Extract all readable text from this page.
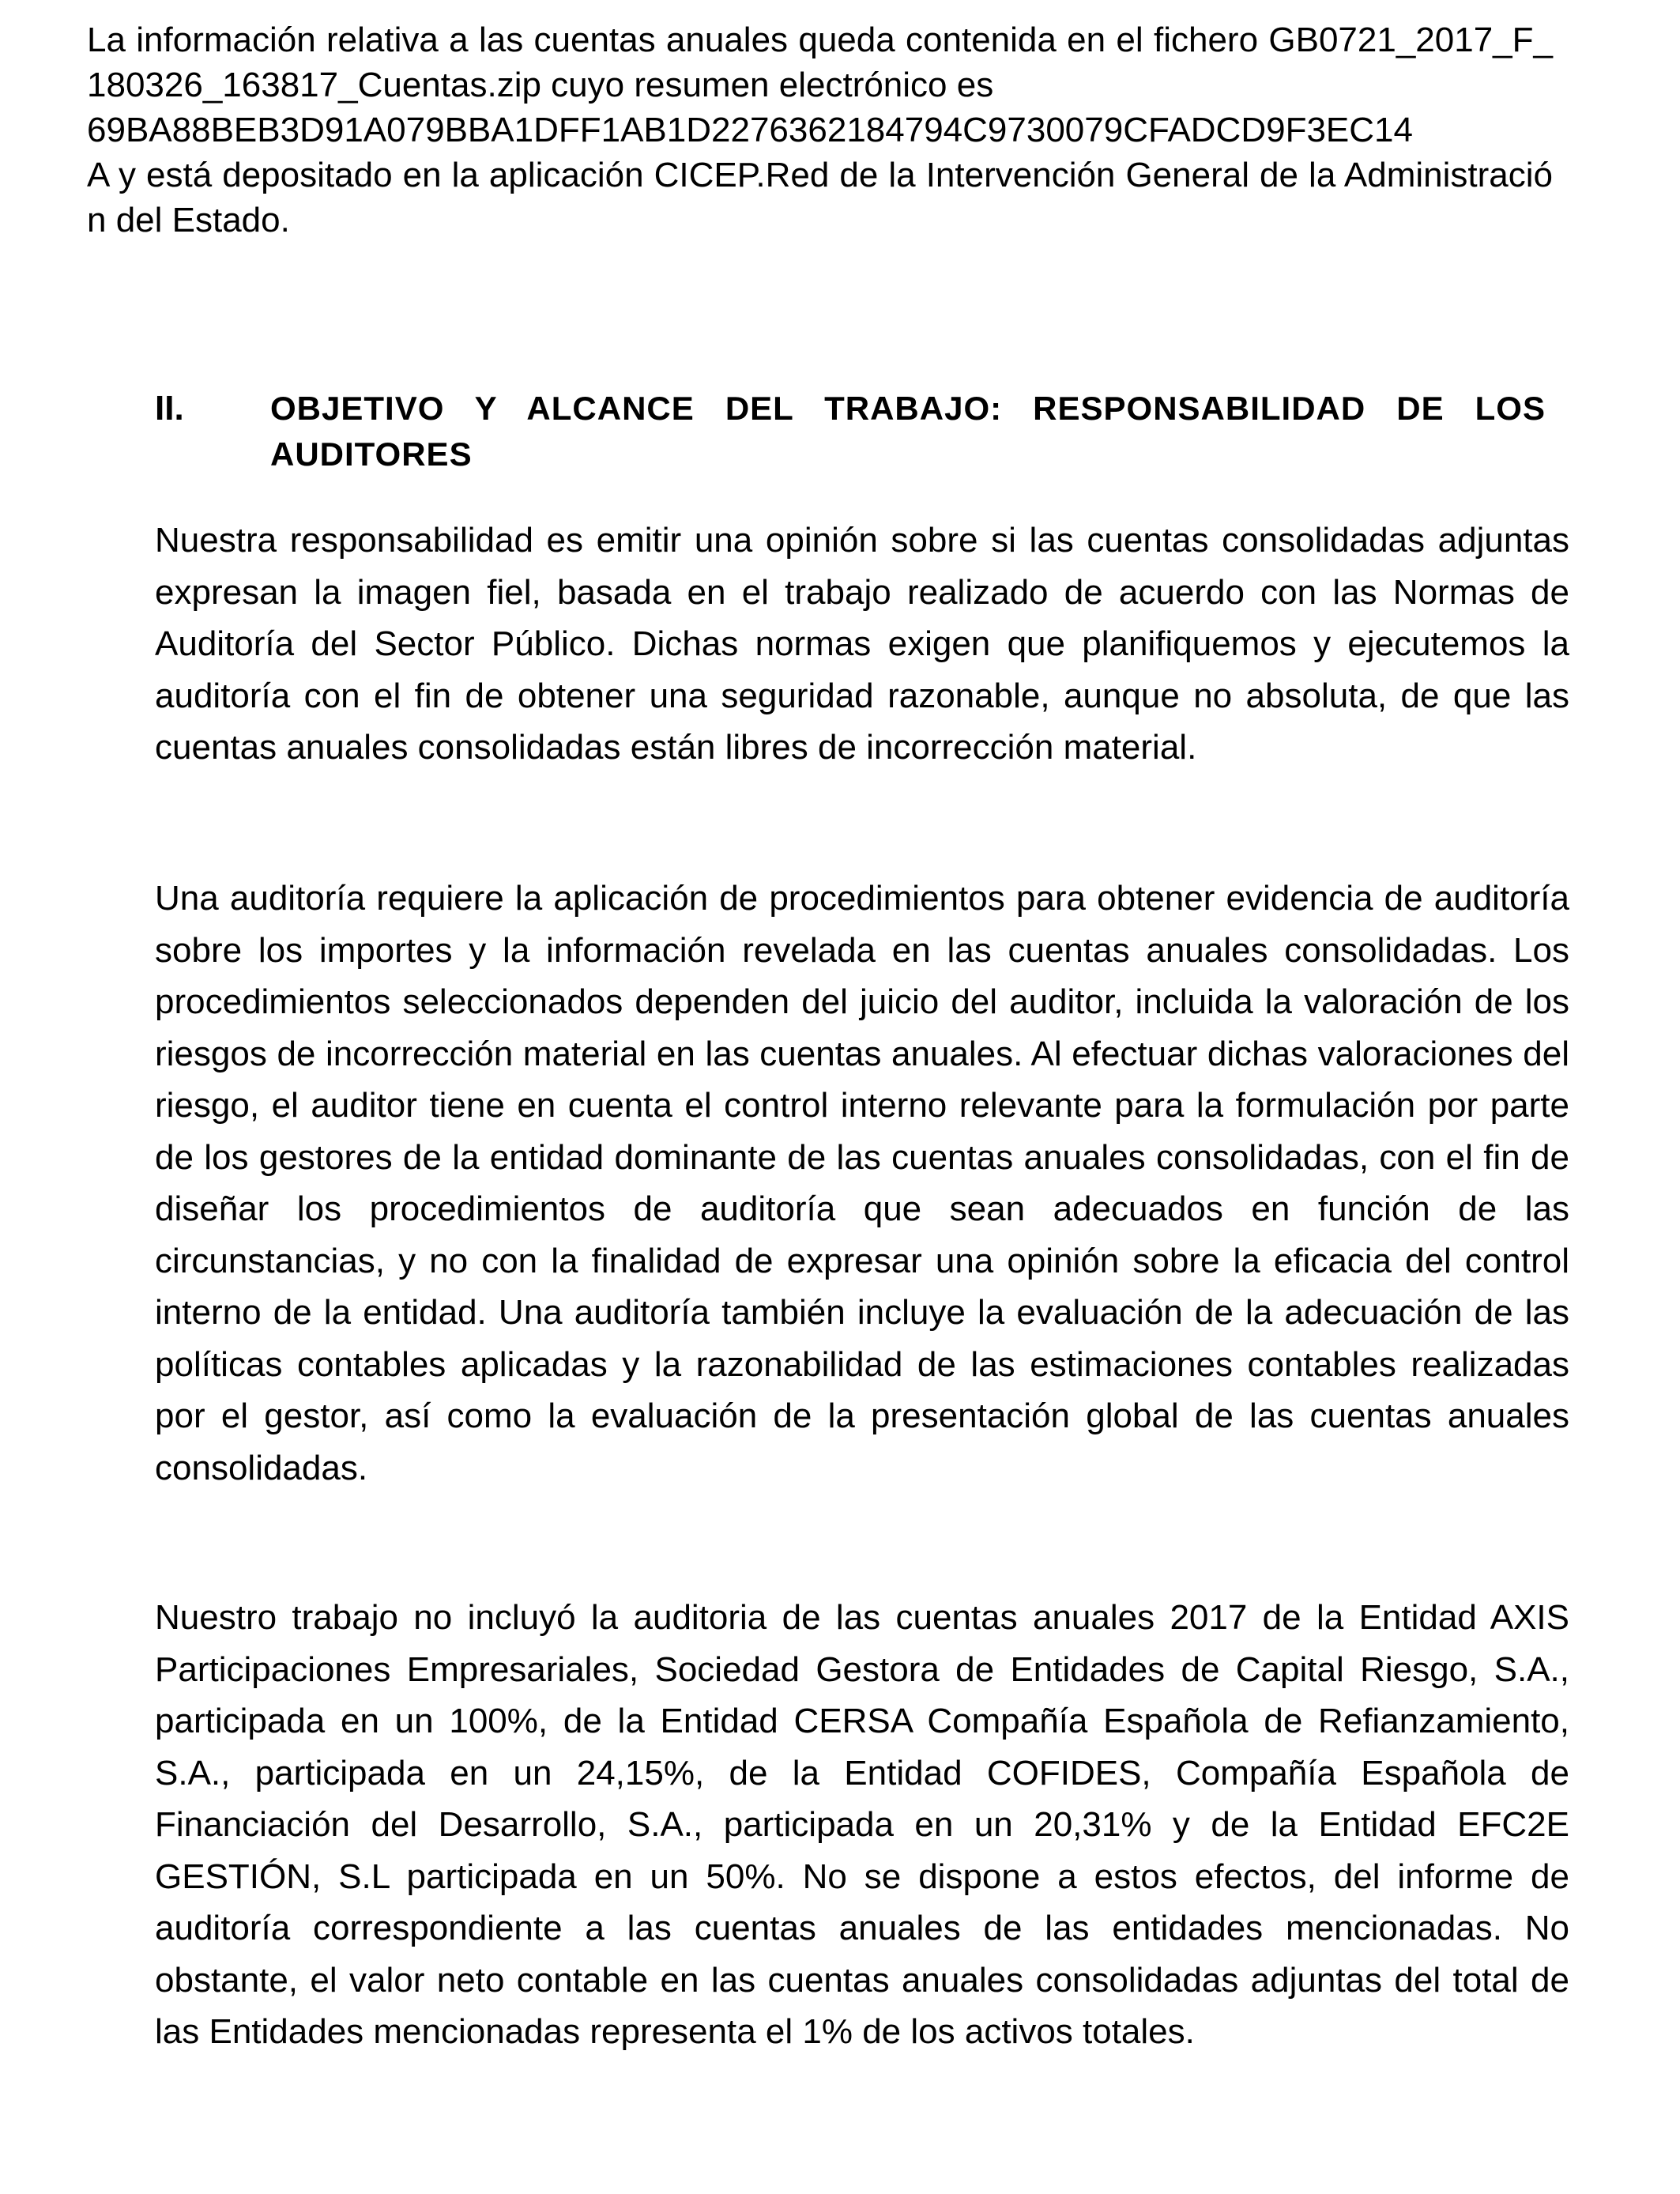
La información relativa a las cuentas anuales queda contenida en el fichero GB0721_2017_F_180326_163817_Cuentas.zip cuyo resumen electrónico es
69BA88BEB3D91A079BBA1DFF1AB1D2276362184794C9730079CFADCD9F3EC14
A y está depositado en la aplicación CICEP.Red de la Intervención General de la Administración del Estado.
II.	OBJETIVO Y ALCANCE DEL TRABAJO: RESPONSABILIDAD DE LOS AUDITORES

Nuestra responsabilidad es emitir una opinión sobre si las cuentas consolidadas adjuntas expresan la imagen fiel, basada en el trabajo realizado de acuerdo con las Normas de Auditoría del Sector Público. Dichas normas exigen que planifiquemos y ejecutemos la auditoría con el fin de obtener una seguridad razonable, aunque no absoluta, de que las cuentas anuales consolidadas están libres de incorrección material.

Una auditoría requiere la aplicación de procedimientos para obtener evidencia de auditoría sobre los importes y la información revelada en las cuentas anuales consolidadas. Los procedimientos seleccionados dependen del juicio del auditor, incluida la valoración de los riesgos de incorrección material en las cuentas anuales. Al efectuar dichas valoraciones del riesgo, el auditor tiene en cuenta el control interno relevante para la formulación por parte de los gestores de la entidad dominante de las cuentas anuales consolidadas, con el fin de diseñar los procedimientos de auditoría que sean adecuados en función de las circunstancias, y no con la finalidad de expresar una opinión sobre la eficacia del control interno de la entidad. Una auditoría también incluye la evaluación de la adecuación de las políticas contables aplicadas y la razonabilidad de las estimaciones contables realizadas por el gestor, así como la evaluación de la presentación global de las cuentas anuales consolidadas.

Nuestro trabajo no incluyó la auditoria de las cuentas anuales 2017 de la Entidad AXIS Participaciones Empresariales, Sociedad Gestora de Entidades de Capital Riesgo, S.A., participada en un 100%, de la Entidad CERSA Compañía Española de Refianzamiento, S.A., participada en un 24,15%, de la Entidad COFIDES, Compañía Española de Financiación del Desarrollo, S.A., participada en un 20,31% y de la Entidad EFC2E GESTIÓN, S.L participada en un 50%. No se dispone a estos efectos, del informe de auditoría correspondiente a las cuentas anuales de las entidades mencionadas. No obstante, el valor neto contable en las cuentas anuales consolidadas adjuntas del total de las Entidades mencionadas representa el 1% de los activos totales.
